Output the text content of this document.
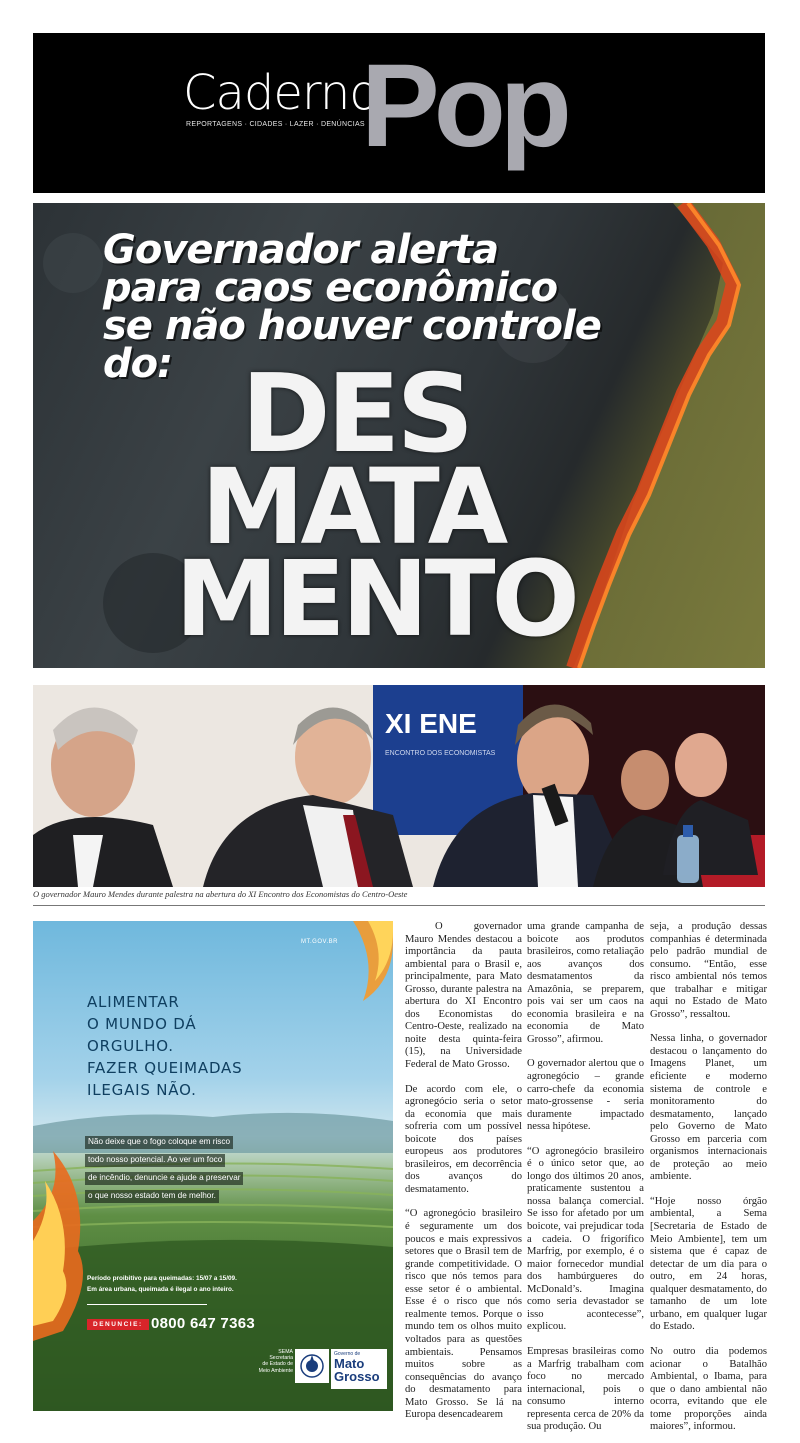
Caderno
Pop
REPORTAGENS · CIDADES · LAZER · DENÚNCIAS
Governador alerta
para caos econômico
se não houver controle
do: DES
MATA
MENTO
XI ENE
ENCONTRO DOS ECONOMISTAS
O governador Mauro Mendes durante palestra na abertura do XI Encontro dos Economistas do Centro-Oeste
MT.GOV.BR
ALIMENTAR
O MUNDO DÁ
ORGULHO.
FAZER QUEIMADAS
ILEGAIS NÃO.
Não deixe que o fogo coloque em risco
todo nosso potencial. Ao ver um foco
de incêndio, denuncie e ajude a preservar
o que nosso estado tem de melhor.
Período proibitivo para queimadas: 15/07 a 15/09.
Em área urbana, queimada é ilegal o ano inteiro.
DENUNCIE: 0800 647 7363
SEMA
Secretaria
de Estado de
Meio Ambiente
Governo de
Mato
Grosso

O governador Mauro Mendes destacou a importância da pauta ambiental para o Brasil e, principalmente, para Mato Grosso, durante palestra na abertura do XI Encontro dos Economistas do Centro-Oeste, realizado na noite desta quinta-feira (15), na Universidade Federal de Mato Grosso.

De acordo com ele, o agronegócio seria o setor da economia que mais sofreria com um possível boicote dos países europeus aos produtores brasileiros, em decorrência dos avanços do desmatamento.

“O agronegócio brasileiro é seguramente um dos poucos e mais expressivos setores que o Brasil tem de grande competitividade. O risco que nós temos para esse setor é o ambiental. Esse é o risco que nós realmente temos. Porque o mundo tem os olhos muito voltados para as questões ambientais. Pensamos muitos sobre as consequências do avanço do desmatamento para Mato Grosso. Se lá na Europa desencadearem

uma grande campanha de boicote aos produtos brasileiros, como retaliação aos avanços dos desmatamentos da Amazônia, se preparem, pois vai ser um caos na economia brasileira e na economia de Mato Grosso”, afirmou.

O governador alertou que o agronegócio – grande carro-chefe da economia mato-grossense - seria duramente impactado nessa hipótese.

“O agronegócio brasileiro é o único setor que, ao longo dos últimos 20 anos, praticamente sustentou a nossa balança comercial. Se isso for afetado por um boicote, vai prejudicar toda a cadeia. O frigorífico Marfrig, por exemplo, é o maior fornecedor mundial dos hambúrgueres do McDonald’s. Imagina como seria devastador se isso acontecesse”, explicou.

Empresas brasileiras como a Marfrig trabalham com foco no mercado internacional, pois o consumo interno representa cerca de 20% da sua produção. Ou

seja, a produção dessas companhias é determinada pelo padrão mundial de consumo. “Então, esse risco ambiental nós temos que trabalhar e mitigar aqui no Estado de Mato Grosso”, ressaltou.

Nessa linha, o governador destacou o lançamento do Imagens Planet, um eficiente e moderno sistema de controle e monitoramento do desmatamento, lançado pelo Governo de Mato Grosso em parceria com organismos internacionais de proteção ao meio ambiente.

“Hoje nosso órgão ambiental, a Sema [Secretaria de Estado de Meio Ambiente], tem um sistema que é capaz de detectar de um dia para o outro, em 24 horas, qualquer desmatamento, do tamanho de um lote urbano, em qualquer lugar do Estado.

No outro dia podemos acionar o Batalhão Ambiental, o Ibama, para que o dano ambiental não ocorra, evitando que ele tome proporções ainda maiores”, informou.
